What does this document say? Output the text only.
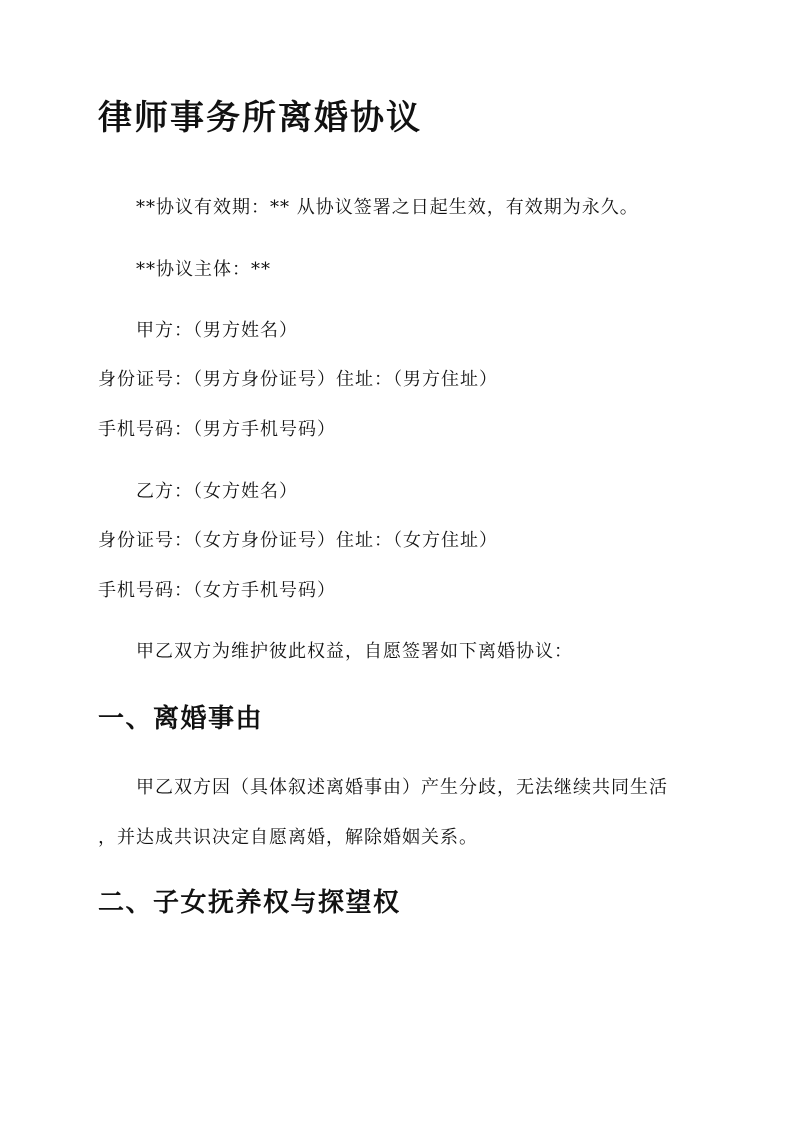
律师事务所离婚协议
**协议有效期：** 从协议签署之日起生效，有效期为永久。
**协议主体：**
甲方：（男方姓名）
身份证号：（男方身份证号）住址：（男方住址）
手机号码：（男方手机号码）
乙方：（女方姓名）
身份证号：（女方身份证号）住址：（女方住址）
手机号码：（女方手机号码）
甲乙双方为维护彼此权益，自愿签署如下离婚协议：
一、离婚事由
甲乙双方因（具体叙述离婚事由）产生分歧，无法继续共同生活
，并达成共识决定自愿离婚，解除婚姻关系。
二、子女抚养权与探望权
